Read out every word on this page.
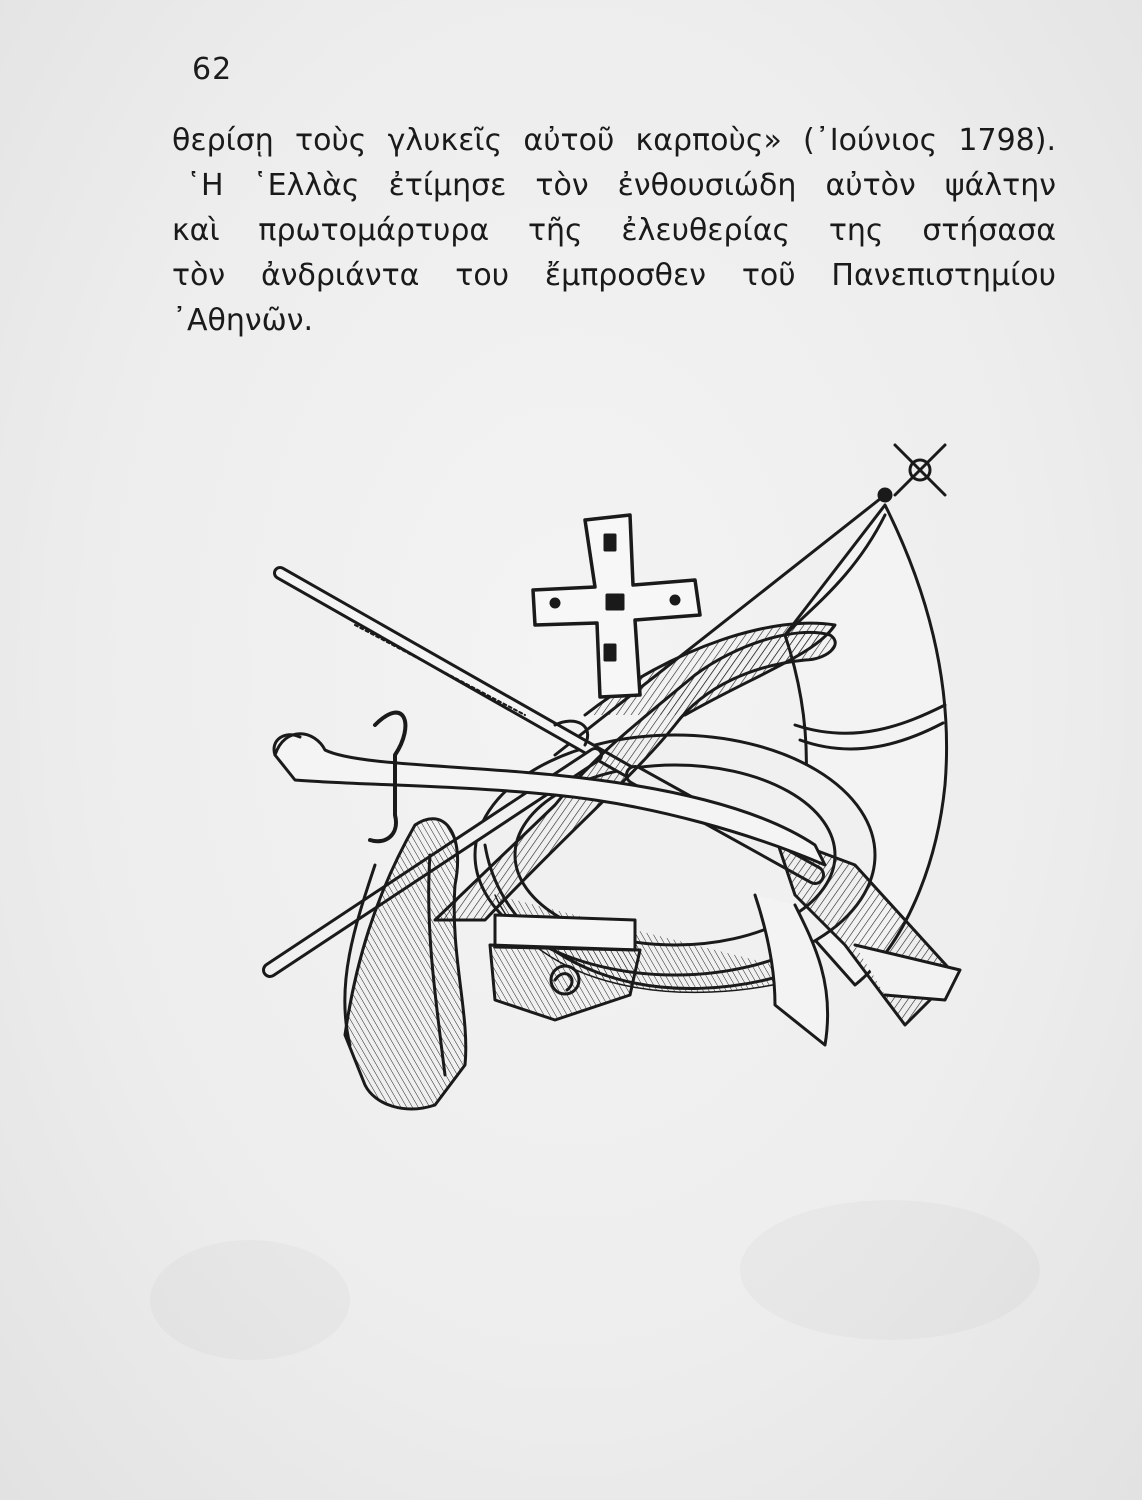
62
θερίσῃ τοὺς γλυκεῖς αὐτοῦ καρποὺς» (᾿Ιούνιος 1798).
῾Η ῾Ελλὰς ἐτίμησε τὸν ἐνθουσιώδη αὐτὸν ψάλτην
καὶ πρωτομάρτυρα τῆς ἐλευθερίας της στήσασα
τὸν ἀνδριάντα του ἔμπροσθεν τοῦ Πανεπιστημίου
᾿Αθηνῶν.
